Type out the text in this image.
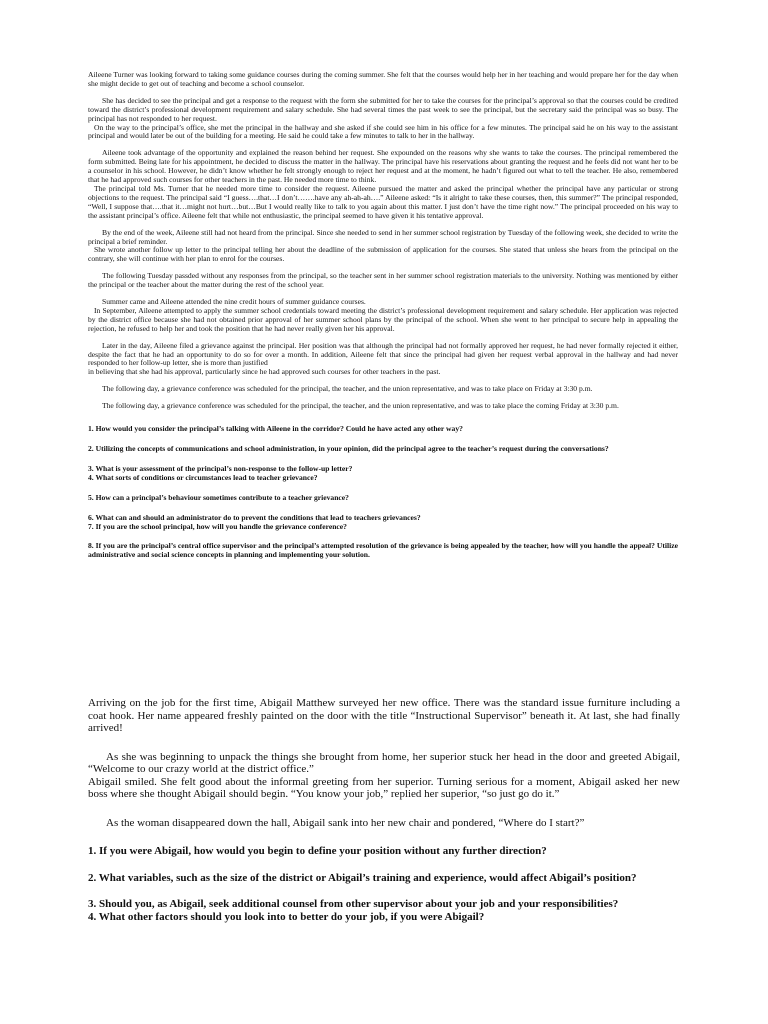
Aileene Turner was looking forward to taking some guidance courses during the coming summer. She felt that the courses would help her in her teaching and would prepare her for the day when she might decide to get out of teaching and become a school counselor.

She has decided to see the principal and get a response to the request with the form she submitted for her to take the courses for the principal’s approval so that the courses could be credited toward the district’s professional development requirement and salary schedule. She had several times the past week to see the principal, but the secretary said the principal was so busy. The principal has not responded to her request.

On the way to the principal’s office, she met the principal in the hallway and she asked if she could see him in his office for a few minutes. The principal said he on his way to the assistant principal and would later be out of the building for a meeting. He said he could take a few minutes to talk to her in the hallway.

Aileene took advantage of the opportunity and explained the reason behind her request. She expounded on the reasons why she wants to take the courses. The principal remembered the form submitted. Being late for his appointment, he decided to discuss the matter in the hallway. The principal have his reservations about granting the request and he feels did not want her to be a counselor in his school. However, he didn’t know whether he felt strongly enough to reject her request and at the moment, he hadn’t figured out what to tell the teacher. He also, remembered that he had approved such courses for other teachers in the past. He needed more time to think.

The principal told Ms. Turner that he needed more time to consider the request. Aileene pursued the matter and asked the principal whether the principal have any particular or strong objections to the request. The principal said “I guess….that…I don’t…….have any ah-ah-ah….” Aileene asked: “Is it alright to take these courses, then, this summer?” The principal responded, “Well, I suppose that….that it…might not hurt…but…But I would really like to talk to you again about this matter. I just don’t have the time right now.” The principal proceeded on his way to the assistant principal’s office. Aileene felt that while not enthusiastic, the principal seemed to have given it his tentative approval.

By the end of the week, Aileene still had not heard from the principal. Since she needed to send in her summer school registration by Tuesday of the following week, she decided to write the principal a brief reminder.

She wrote another follow up letter to the principal telling her about the deadline of the submission of application for the courses. She stated that unless she hears from the principal on the contrary, she will continue with her plan to enrol for the courses.

The following Tuesday passded without any responses from the principal, so the teacher sent in her summer school registration materials to the university. Nothing was mentioned by either the principal or the teacher about the matter during the rest of the school year.

Summer came and Aileene attended the nine credit hours of summer guidance courses.

In September, Aileene attempted to apply the summer school credentials toward meeting the district’s professional development requirement and salary schedule. Her application was rejected by the district office because she had not obtained prior approval of her summer school plans by the principal of the school. When she went to her principal to secure help in appealing the rejection, he refused to help her and took the position that he had never really given her his approval.

Later in the day, Aileene filed a grievance against the principal. Her position was that although the principal had not formally approved her request, he had never formally rejected it either, despite the fact that he had an opportunity to do so for over a month. In addition, Aileene felt that since the principal had given her request verbal approval in the hallway and had never responded to her follow-up letter, she is more than justified

in believing that she had his approval, particularly since he had approved such courses for other teachers in the past.

The following day, a grievance conference was scheduled for the principal, the teacher, and the union representative, and was to take place on Friday at 3:30 p.m.

The following day, a grievance conference was scheduled for the principal, the teacher, and the union representative, and was to take place the coming Friday at 3:30 p.m.

1. How would you consider the principal’s talking with Aileene in the corridor? Could he have acted any other way?

2. Utilizing the concepts of communications and school administration, in your opinion, did the principal agree to the teacher’s request during the conversations?

3. What is your assessment of the principal’s non-response to the follow-up letter?

4. What sorts of conditions or circumstances lead to teacher grievance?

5. How can a principal’s behaviour sometimes contribute to a teacher grievance?

6. What can and should an administrator do to prevent the conditions that lead to teachers grievances?

7. If you are the school principal, how will you handle the grievance conference?

8. If you are the principal’s central office supervisor and the principal’s attempted resolution of the grievance is being appealed by the teacher, how will you handle the appeal? Utilize administrative and social science concepts in planning and implementing your solution.

Arriving on the job for the first time, Abigail Matthew surveyed her new office. There was the standard issue furniture including a coat hook. Her name appeared freshly painted on the door with the title “Instructional Supervisor” beneath it. At last, she had finally arrived!

As she was beginning to unpack the things she brought from home, her superior stuck her head in the door and greeted Abigail, “Welcome to our crazy world at the district office.”

Abigail smiled. She felt good about the informal greeting from her superior. Turning serious for a moment, Abigail asked her new boss where she thought Abigail should begin. “You know your job,” replied her superior, “so just go do it.”

As the woman disappeared down the hall, Abigail sank into her new chair and pondered, “Where do I start?”

1. If you were Abigail, how would you begin to define your position without any further direction?

2. What variables, such as the size of the district or Abigail’s training and experience, would affect Abigail’s position?

3. Should you, as Abigail, seek additional counsel from other supervisor about your job and your responsibilities?

4. What other factors should you look into to better do your job, if you were Abigail?
